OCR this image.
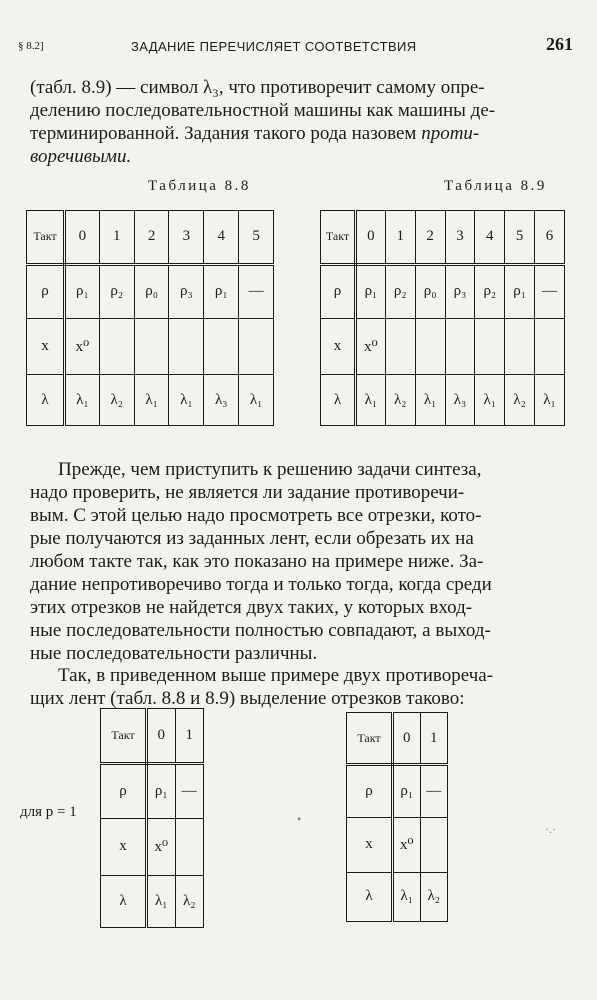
§ 8.2]	ЗАДАНИЕ ПЕРЕЧИСЛЯЕТ СООТВЕТСТВИЯ	261
(табл. 8.9) — символ λ₃, что противоречит самому опре-
делению последовательностной машины как машины де-
терминированной. Задания такого рода назовем проти-
воречивыми.
Таблица 8.8	Таблица 8.9
Такт	0	1	2	3	4	5
ρ	ρ₁	ρ₂	ρ₀	ρ₃	ρ₁	—
x	x⁰					
λ	λ₁	λ₂	λ₁	λ₁	λ₃	λ₁
Такт	0	1	2	3	4	5	6
ρ	ρ₁	ρ₂	ρ₀	ρ₃	ρ₂	ρ₁	—
x	x⁰						
λ	λ₁	λ₂	λ₁	λ₃	λ₁	λ₂	λ₁
Прежде, чем приступить к решению задачи синтеза,
надо проверить, не является ли задание противоречи-
вым. С этой целью надо просмотреть все отрезки, кото-
рые получаются из заданных лент, если обрезать их на
любом такте так, как это показано на примере ниже. За-
дание непротиворечиво тогда и только тогда, когда среди
этих отрезков не найдется двух таких, у которых вход-
ные последовательности полностью совпадают, а выход-
ные последовательности различны.
Так, в приведенном выше примере двух противореча-
щих лент (табл. 8.8 и 8.9) выделение отрезков таково:
для p = 1
Такт	0	1
ρ	ρ₁	—
x	x⁰	
λ	λ₁	λ₂
Такт	0	1
ρ	ρ₁	—
x	x⁰	
λ	λ₁	λ₂
•
·.·
